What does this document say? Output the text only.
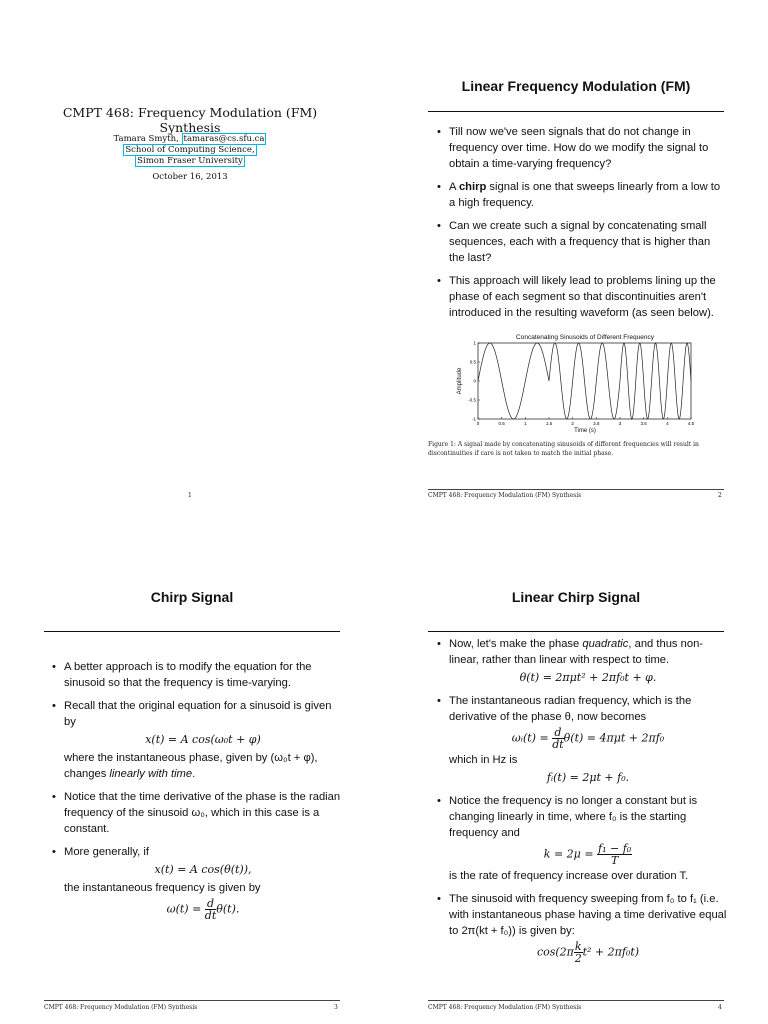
CMPT 468: Frequency Modulation (FM) Synthesis
Tamara Smyth, tamaras@cs.sfu.ca
School of Computing Science,
Simon Fraser University
October 16, 2013
1
Linear Frequency Modulation (FM)
• Till now we've seen signals that do not change in frequency over time. How do we modify the signal to obtain a time-varying frequency?
• A chirp signal is one that sweeps linearly from a low to a high frequency.
• Can we create such a signal by concatenating small sequences, each with a frequency that is higher than the last?
• This approach will likely lead to problems lining up the phase of each segment so that discontinuities aren't introduced in the resulting waveform (as seen below).
Concatenating Sinusoids of Different Frequency
-1
-0.5
0
0.5
1
0	0.5	1	1.5	2	2.5	3	3.5	4	4.5
Amplitude
Time (s)
Figure 1: A signal made by concatenating sinusoids of different frequencies will result in discontinuities if care is not taken to match the initial phase.
CMPT 468: Frequency Modulation (FM) Synthesis	2
Chirp Signal
• A better approach is to modify the equation for the sinusoid so that the frequency is time-varying.
• Recall that the original equation for a sinusoid is given by
x(t) = A cos(ω₀t + φ)
where the instantaneous phase, given by (ω₀t + φ), changes linearly with time.
• Notice that the time derivative of the phase is the radian frequency of the sinusoid ω₀, which in this case is a constant.
• More generally, if
x(t) = A cos(θ(t)),
the instantaneous frequency is given by
$\omega(t) = \frac{d}{dt} \theta(t)$.
CMPT 468: Frequency Modulation (FM) Synthesis	3
Linear Chirp Signal
• Now, let's make the phase quadratic, and thus non-linear, rather than linear with respect to time.
θ(t) = 2πμt² + 2πf₀t + φ.
• The instantaneous radian frequency, which is the derivative of the phase θ, now becomes
ωᵢ(t) = $\frac{d}{dt} \theta(t) = 4\pi\mu t + 2\pi f_0$
which in Hz is
fᵢ(t) = 2μt + f₀.
• Notice the frequency is no longer a constant but is changing linearly in time, where f₀ is the starting frequency and
$k = 2\mu = \frac{\text{f₁ − f₀}}{T}$
is the rate of frequency increase over duration T.
• The sinusoid with frequency sweeping from f₀ to f₁ (i.e. with instantaneous phase having a time derivative equal to 2π(kt + f₀)) is given by:
$\cos(2\pi \frac{k}{2} t^2 + 2\pi f_0t)$
CMPT 468: Frequency Modulation (FM) Synthesis	4
